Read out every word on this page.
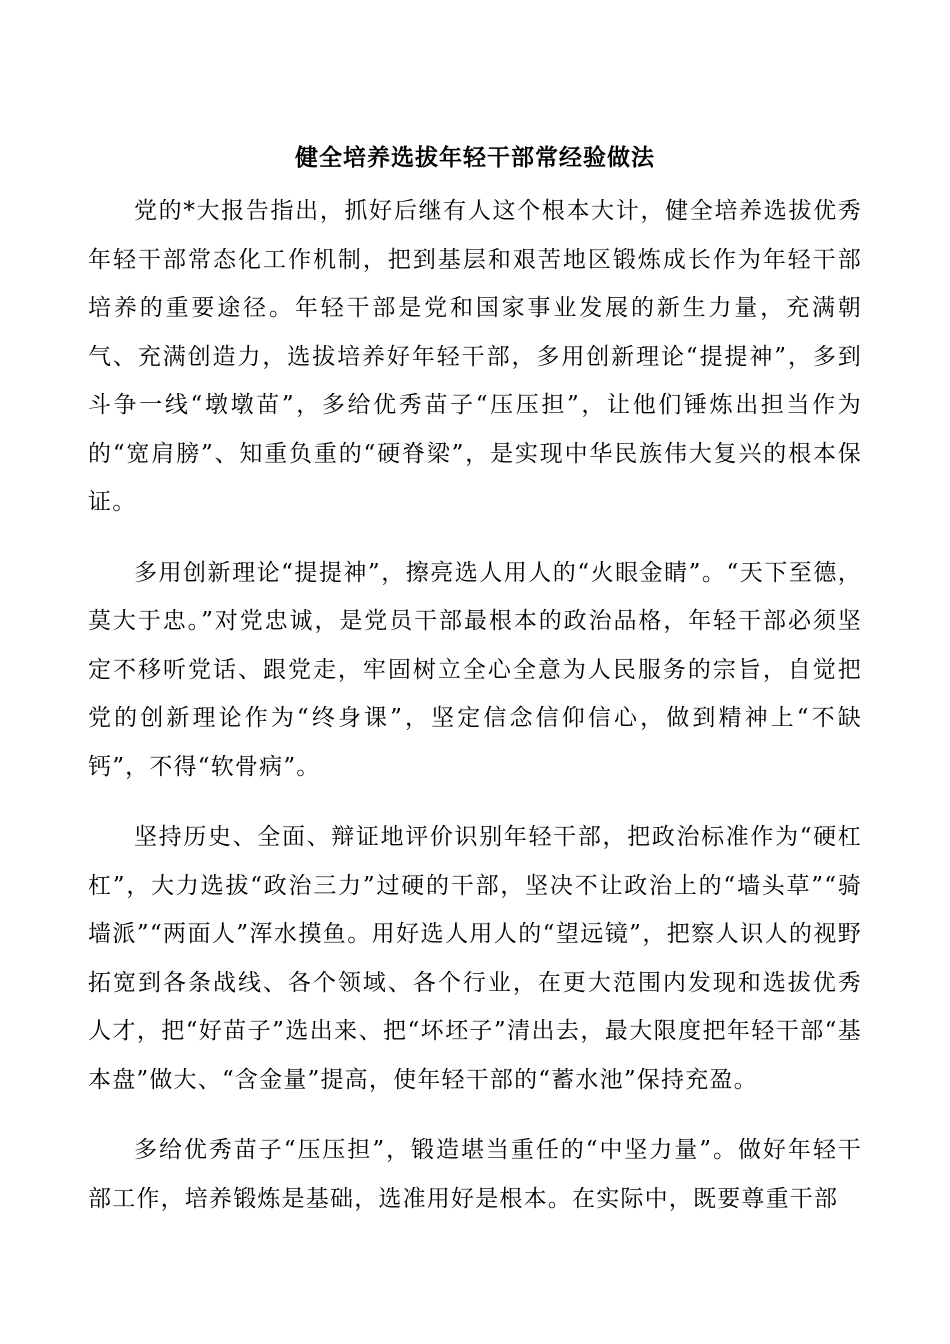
健全培养选拔年轻干部常经验做法

党的*大报告指出，抓好后继有人这个根本大计，健全培养选拔优秀年轻干部常态化工作机制，把到基层和艰苦地区锻炼成长作为年轻干部培养的重要途径。年轻干部是党和国家事业发展的新生力量，充满朝气、充满创造力，选拔培养好年轻干部，多用创新理论“提提神”，多到斗争一线“墩墩苗”，多给优秀苗子“压压担”，让他们锤炼出担当作为的“宽肩膀”、知重负重的“硬脊梁”，是实现中华民族伟大复兴的根本保证。

多用创新理论“提提神”，擦亮选人用人的“火眼金睛”。“天下至德，莫大于忠。”对党忠诚，是党员干部最根本的政治品格，年轻干部必须坚定不移听党话、跟党走，牢固树立全心全意为人民服务的宗旨，自觉把党的创新理论作为“终身课”，坚定信念信仰信心，做到精神上“不缺钙”，不得“软骨病”。

坚持历史、全面、辩证地评价识别年轻干部，把政治标准作为“硬杠杠”，大力选拔“政治三力”过硬的干部，坚决不让政治上的“墙头草”“骑墙派”“两面人”浑水摸鱼。用好选人用人的“望远镜”，把察人识人的视野拓宽到各条战线、各个领域、各个行业，在更大范围内发现和选拔优秀人才，把“好苗子”选出来、把“坏坯子”清出去，最大限度把年轻干部“基本盘”做大、“含金量”提高，使年轻干部的“蓄水池”保持充盈。

多给优秀苗子“压压担”，锻造堪当重任的“中坚力量”。做好年轻干部工作，培养锻炼是基础，选准用好是根本。在实际中，既要尊重干部
